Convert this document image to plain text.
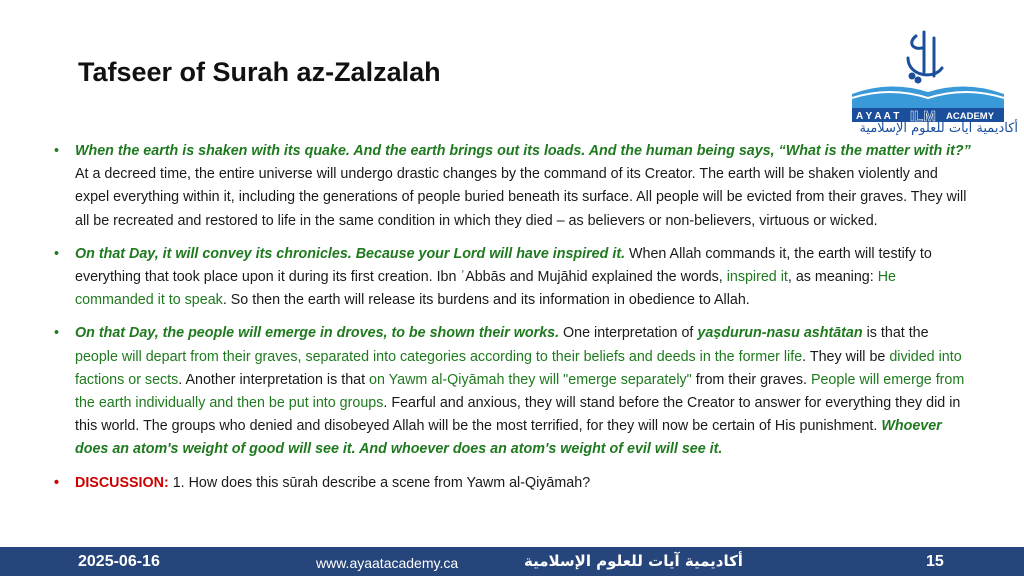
Tafseer of Surah az-Zalzalah
A Y A A T ILM ACADEMY
أكاديمية آيات للعلوم الإسلامية
• When the earth is shaken with its quake. And the earth brings out its loads. And the human being says, “What is the matter with it?” At a decreed time, the entire universe will undergo drastic changes by the command of its Creator. The earth will be shaken violently and expel everything within it, including the generations of people buried beneath its surface. All people will be evicted from their graves. They will all be recreated and restored to life in the same condition in which they died – as believers or non-believers, virtuous or wicked.
• On that Day, it will convey its chronicles. Because your Lord will have inspired it. When Allah commands it, the earth will testify to everything that took place upon it during its first creation. Ibn ʾAbbās and Mujāhid explained the words, inspired it, as meaning: He commanded it to speak. So then the earth will release its burdens and its information in obedience to Allah.
• On that Day, the people will emerge in droves, to be shown their works. One interpretation of yaṣdurun-nasu ashtātan is that the people will depart from their graves, separated into categories according to their beliefs and deeds in the former life. They will be divided into factions or sects. Another interpretation is that on Yawm al-Qiyāmah they will "emerge separately" from their graves. People will emerge from the earth individually and then be put into groups. Fearful and anxious, they will stand before the Creator to answer for everything they did in this world. The groups who denied and disobeyed Allah will be the most terrified, for they will now be certain of His punishment. Whoever does an atom's weight of good will see it. And whoever does an atom's weight of evil will see it.
• DISCUSSION: 1. How does this sūrah describe a scene from Yawm al-Qiyāmah?
2025-06-16	www.ayaatacademy.ca	أكاديمية آيات للعلوم الإسلامية	15
